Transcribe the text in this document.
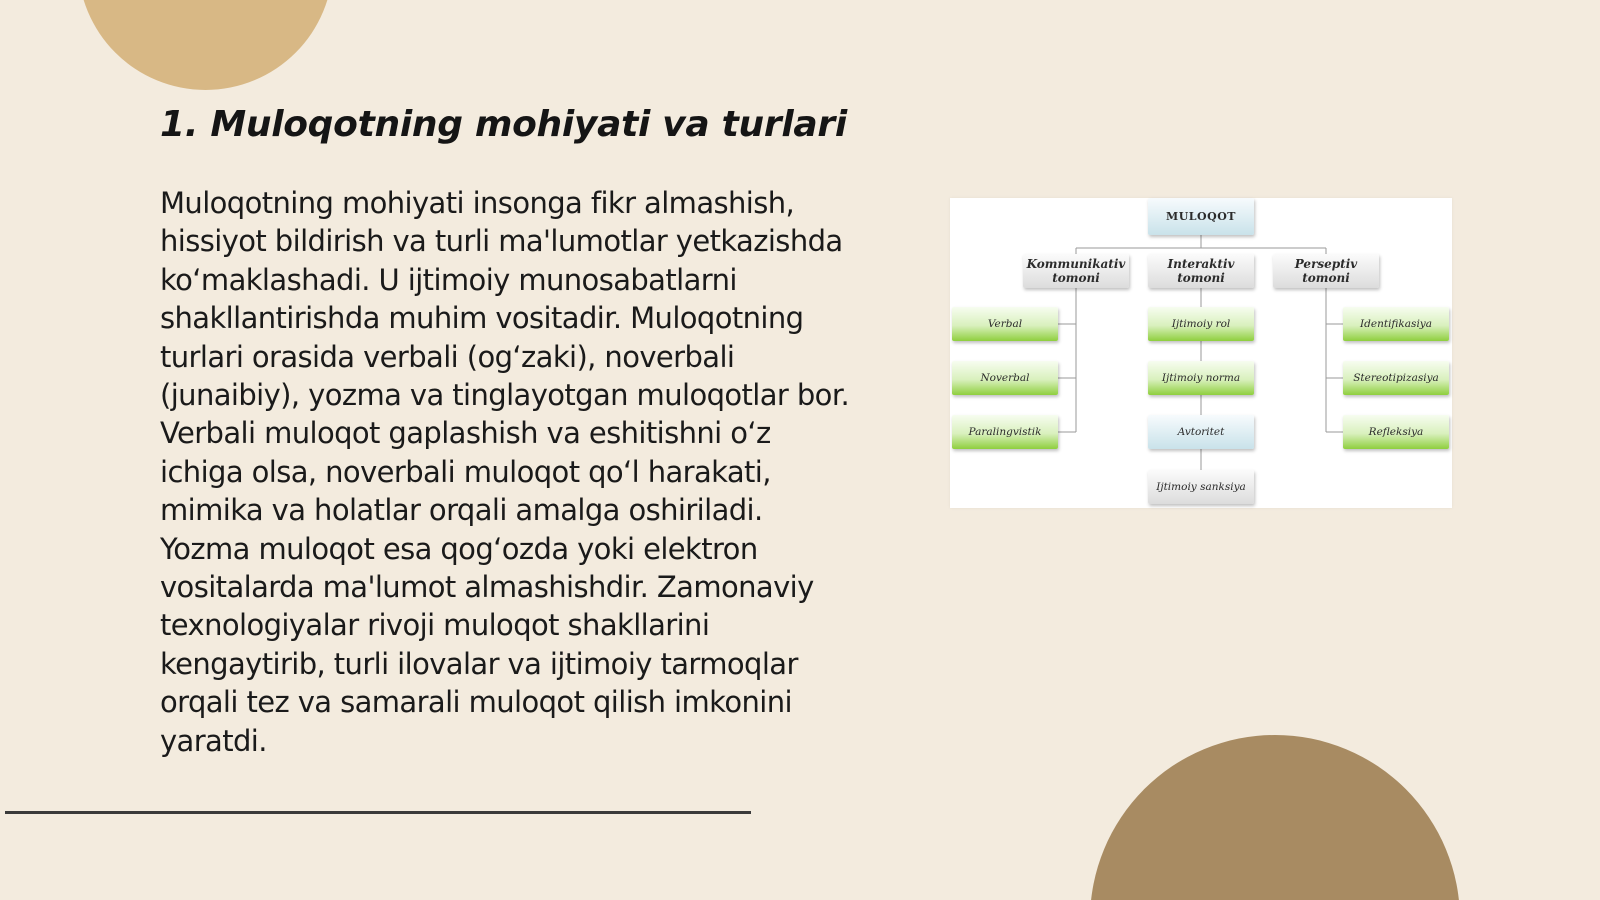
1. Muloqotning mohiyati va turlari

Muloqotning mohiyati insonga fikr almashish, hissiyot bildirish va turli ma'lumotlar yetkazishda ko‘maklashadi. U ijtimoiy munosabatlarni shakllantirishda muhim vositadir. Muloqotning turlari orasida verbali (og‘zaki), noverbali (junaibiy), yozma va tinglayotgan muloqotlar bor. Verbali muloqot gaplashish va eshitishni o‘z ichiga olsa, noverbali muloqot qo‘l harakati, mimika va holatlar orqali amalga oshiriladi. Yozma muloqot esa qog‘ozda yoki elektron vositalarda ma'lumot almashishdir. Zamonaviy texnologiyalar rivoji muloqot shakllarini kengaytirib, turli ilovalar va ijtimoiy tarmoqlar orqali tez va samarali muloqot qilish imkonini yaratdi.

MULOQOT
Kommunikativ
tomoni
Interaktiv
tomoni
Perseptiv
tomoni
Verbal
Noverbal
Paralingvistik
Ijtimoiy rol
Ijtimoiy norma
Avtoritet
Ijtimoiy sanksiya
Identifikasiya
Stereotipizasiya
Refleksiya
